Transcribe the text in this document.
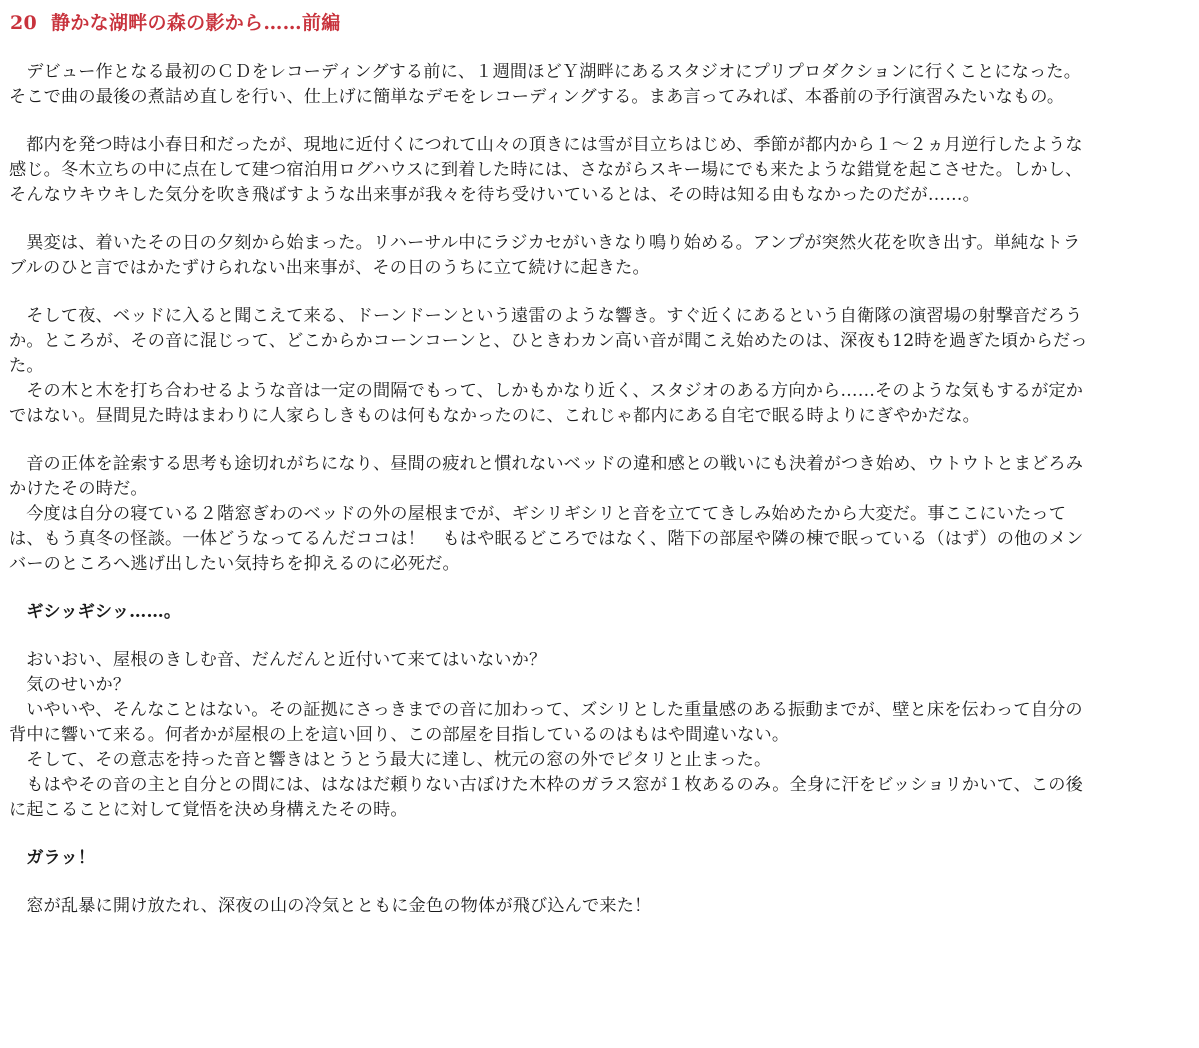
20 静かな湖畔の森の影から……前編
デビュー作となる最初のＣＤをレコーディングする前に、１週間ほどＹ湖畔にあるスタジオにプリプロダクションに行くことになった。
そこで曲の最後の煮詰め直しを行い、仕上げに簡単なデモをレコーディングする。まあ言ってみれば、本番前の予行演習みたいなもの。
都内を発つ時は小春日和だったが、現地に近付くにつれて山々の頂きには雪が目立ちはじめ、季節が都内から１〜２ヵ月逆行したような
感じ。冬木立ちの中に点在して建つ宿泊用ログハウスに到着した時には、さながらスキー場にでも来たような錯覚を起こさせた。しかし、
そんなウキウキした気分を吹き飛ばすような出来事が我々を待ち受けいているとは、その時は知る由もなかったのだが……。
異変は、着いたその日の夕刻から始まった。リハーサル中にラジカセがいきなり鳴り始める。アンプが突然火花を吹き出す。単純なトラ
ブルのひと言ではかたずけられない出来事が、その日のうちに立て続けに起きた。
そして夜、ベッドに入ると聞こえて来る、ドーンドーンという遠雷のような響き。すぐ近くにあるという自衛隊の演習場の射撃音だろう
か。ところが、その音に混じって、どこからかコーンコーンと、ひときわカン高い音が聞こえ始めたのは、深夜も12時を過ぎた頃からだっ
た。
その木と木を打ち合わせるような音は一定の間隔でもって、しかもかなり近く、スタジオのある方向から……そのような気もするが定か
ではない。昼間見た時はまわりに人家らしきものは何もなかったのに、これじゃ都内にある自宅で眠る時よりにぎやかだな。
音の正体を詮索する思考も途切れがちになり、昼間の疲れと慣れないベッドの違和感との戦いにも決着がつき始め、ウトウトとまどろみ
かけたその時だ。
今度は自分の寝ている２階窓ぎわのベッドの外の屋根までが、ギシリギシリと音を立ててきしみ始めたから大変だ。事ここにいたって
は、もう真冬の怪談。一体どうなってるんだココは！　もはや眠るどころではなく、階下の部屋や隣の棟で眠っている（はず）の他のメン
バーのところへ逃げ出したい気持ちを抑えるのに必死だ。
ギシッギシッ……。
おいおい、屋根のきしむ音、だんだんと近付いて来てはいないか？
気のせいか？
いやいや、そんなことはない。その証拠にさっきまでの音に加わって、ズシリとした重量感のある振動までが、壁と床を伝わって自分の
背中に響いて来る。何者かが屋根の上を這い回り、この部屋を目指しているのはもはや間違いない。
そして、その意志を持った音と響きはとうとう最大に達し、枕元の窓の外でピタリと止まった。
もはやその音の主と自分との間には、はなはだ頼りない古ぼけた木枠のガラス窓が１枚あるのみ。全身に汗をビッショリかいて、この後
に起こることに対して覚悟を決め身構えたその時。
ガラッ！
窓が乱暴に開け放たれ、深夜の山の冷気とともに金色の物体が飛び込んで来た！
